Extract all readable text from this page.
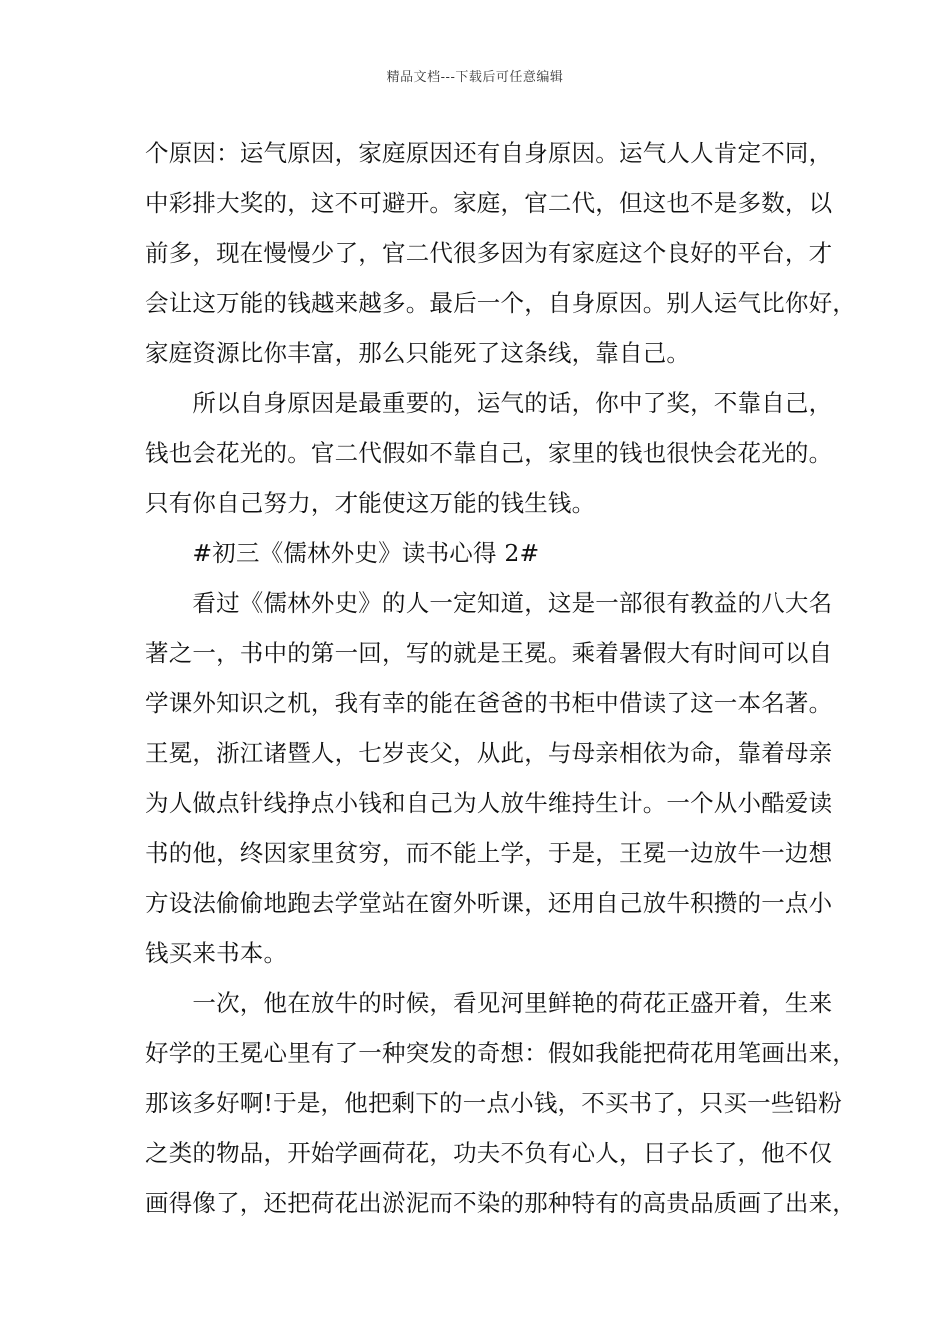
精品文档---下载后可任意编辑
个原因：运气原因，家庭原因还有自身原因。运气人人肯定不同，
中彩排大奖的，这不可避开。家庭，官二代，但这也不是多数，以
前多，现在慢慢少了，官二代很多因为有家庭这个良好的平台，才
会让这万能的钱越来越多。最后一个，自身原因。别人运气比你好，
家庭资源比你丰富，那么只能死了这条线，靠自己。
　　所以自身原因是最重要的，运气的话，你中了奖，不靠自己，
钱也会花光的。官二代假如不靠自己，家里的钱也很快会花光的。
只有你自己努力，才能使这万能的钱生钱。
　　#初三《儒林外史》读书心得 2#
　　看过《儒林外史》的人一定知道，这是一部很有教益的八大名
著之一，书中的第一回，写的就是王冕。乘着暑假大有时间可以自
学课外知识之机，我有幸的能在爸爸的书柜中借读了这一本名著。
王冕，浙江诸暨人，七岁丧父，从此，与母亲相依为命，靠着母亲
为人做点针线挣点小钱和自己为人放牛维持生计。一个从小酷爱读
书的他，终因家里贫穷，而不能上学，于是，王冕一边放牛一边想
方设法偷偷地跑去学堂站在窗外听课，还用自己放牛积攒的一点小
钱买来书本。
　　一次，他在放牛的时候，看见河里鲜艳的荷花正盛开着，生来
好学的王冕心里有了一种突发的奇想：假如我能把荷花用笔画出来，
那该多好啊!于是，他把剩下的一点小钱，不买书了，只买一些铅粉
之类的物品，开始学画荷花，功夫不负有心人，日子长了，他不仅
画得像了，还把荷花出淤泥而不染的那种特有的高贵品质画了出来，
